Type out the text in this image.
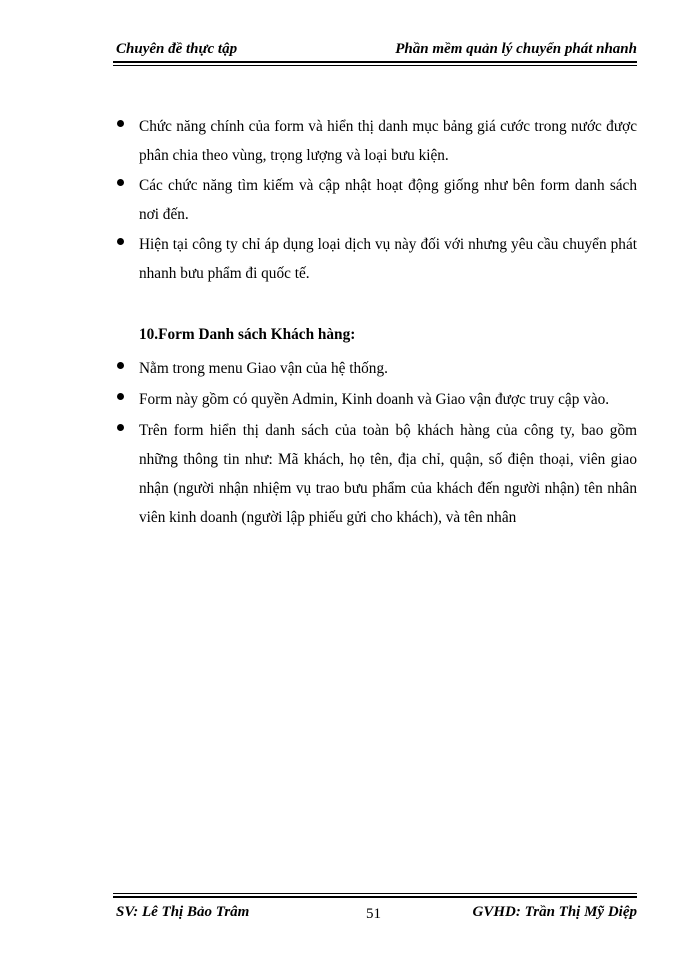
Chuyên đề thực tập	Phần mềm quản lý chuyển phát nhanh
Chức năng chính của form và hiển thị danh mục bảng giá cước trong nước được phân chia theo vùng, trọng lượng và loại bưu kiện.
Các chức năng tìm kiếm và cập nhật hoạt động giống như bên form danh sách nơi đến.
Hiện tại công ty chỉ áp dụng loại dịch vụ này đối với nhưng yêu cầu chuyển phát nhanh bưu phẩm đi quốc tế.
10.Form Danh sách Khách hàng:
Nằm trong menu Giao vận của hệ thống.
Form này gồm có quyền Admin, Kinh doanh và Giao vận được truy cập vào.
Trên form hiển thị danh sách của toàn bộ khách hàng của công ty, bao gồm những thông tin như: Mã khách, họ tên, địa chỉ, quận, số điện thoại, viên giao nhận (người nhận nhiệm vụ trao bưu phẩm của khách đến người nhận) tên nhân viên kinh doanh (người lập phiếu gửi cho khách), và tên nhân
SV: Lê Thị Bảo Trâm	51	GVHD: Trần Thị Mỹ Diệp
